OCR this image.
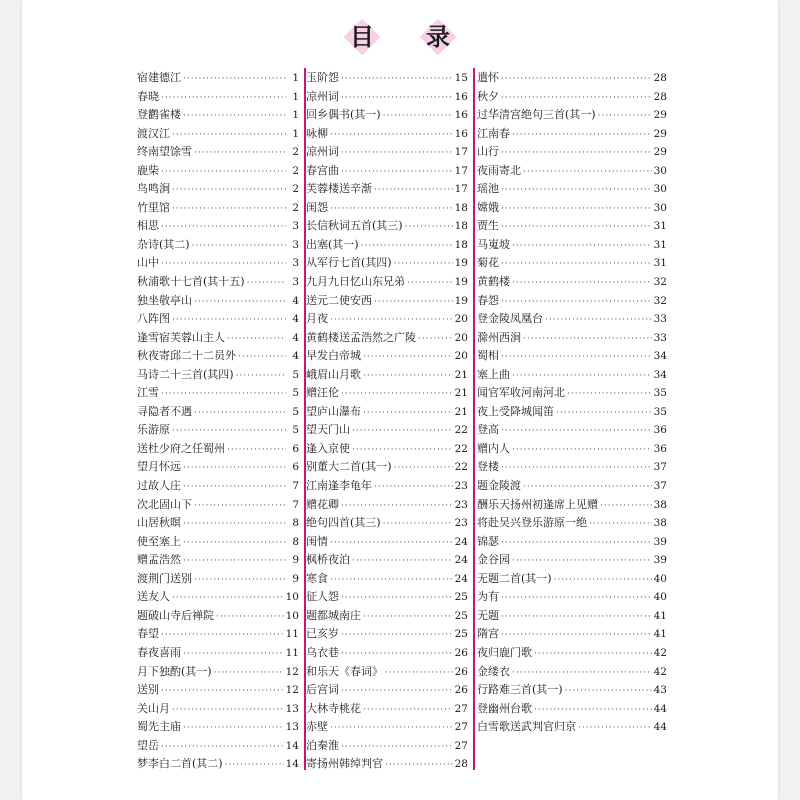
目 录
宿建德江 ·····	1
春晓 ·····	1
登鹳雀楼 ·····	1
渡汉江 ·····	1
终南望馀雪 ·····	2
鹿柴 ·····	2
鸟鸣涧 ·····	2
竹里馆 ·····	2
相思 ·····	3
杂诗(其二) ·····	3
山中 ·····	3
秋浦歌十七首(其十五) ·····	3
独坐敬亭山 ·····	4
八阵图 ·····	4
逢雪宿芙蓉山主人 ·····	4
秋夜寄邱二十二员外 ·····	4
马诗二十三首(其四) ·····	5
江雪 ·····	5
寻隐者不遇 ·····	5
乐游原 ·····	5
送杜少府之任蜀州 ·····	6
望月怀远 ·····	6
过故人庄 ·····	7
次北固山下 ·····	7
山居秋暝 ·····	8
使至塞上 ·····	8
赠孟浩然 ·····	9
渡荆门送别 ·····	9
送友人 ·····	10
题破山寺后禅院 ·····	10
春望 ·····	11
春夜喜雨 ·····	11
月下独酌(其一) ·····	12
送别 ·····	12
关山月 ·····	13
蜀先主庙 ·····	13
望岳 ·····	14
梦李白二首(其二) ·····	14
玉阶怨 ·····	15
凉州词 ·····	16
回乡偶书(其一) ·····	16
咏柳 ·····	16
凉州词 ·····	17
春宫曲 ·····	17
芙蓉楼送辛渐 ·····	17
闺怨 ·····	18
长信秋词五首(其三) ·····	18
出塞(其一) ·····	18
从军行七首(其四) ·····	19
九月九日忆山东兄弟 ·····	19
送元二使安西 ·····	19
月夜 ·····	20
黄鹤楼送孟浩然之广陵 ·····	20
早发白帝城 ·····	20
峨眉山月歌 ·····	21
赠汪伦 ·····	21
望庐山瀑布 ·····	21
望天门山 ·····	22
逢入京使 ·····	22
别董大二首(其一) ·····	22
江南逢李龟年 ·····	23
赠花卿 ·····	23
绝句四首(其三) ·····	23
闺情 ·····	24
枫桥夜泊 ·····	24
寒食 ·····	24
征人怨 ·····	25
题都城南庄 ·····	25
已亥岁 ·····	25
乌衣巷 ·····	26
和乐天《春词》 ·····	26
后宫词 ·····	26
大林寺桃花 ·····	27
赤壁 ·····	27
泊秦淮 ·····	27
寄扬州韩绰判官 ·····	28
遣怀 ·····	28
秋夕 ·····	28
过华清宫绝句三首(其一) ·····	29
江南春 ·····	29
山行 ·····	29
夜雨寄北 ·····	30
瑶池 ·····	30
嫦娥 ·····	30
贾生 ·····	31
马嵬坡 ·····	31
菊花 ·····	31
黄鹤楼 ·····	32
春怨 ·····	32
登金陵凤凰台 ·····	33
滁州西涧 ·····	33
蜀相 ·····	34
塞上曲 ·····	34
闻官军收河南河北 ·····	35
夜上受降城闻笛 ·····	35
登高 ·····	36
赠内人 ·····	36
登楼 ·····	37
题金陵渡 ·····	37
酬乐天扬州初逢席上见赠 ·····	38
将赴吴兴登乐游原一绝 ·····	38
锦瑟 ·····	39
金谷园 ·····	39
无题二首(其一) ·····	40
为有 ·····	40
无题 ·····	41
隋宫 ·····	41
夜归鹿门歌 ·····	42
金缕衣 ·····	42
行路难三首(其一) ·····	43
登幽州台歌 ·····	44
白雪歌送武判官归京 ·····	44
